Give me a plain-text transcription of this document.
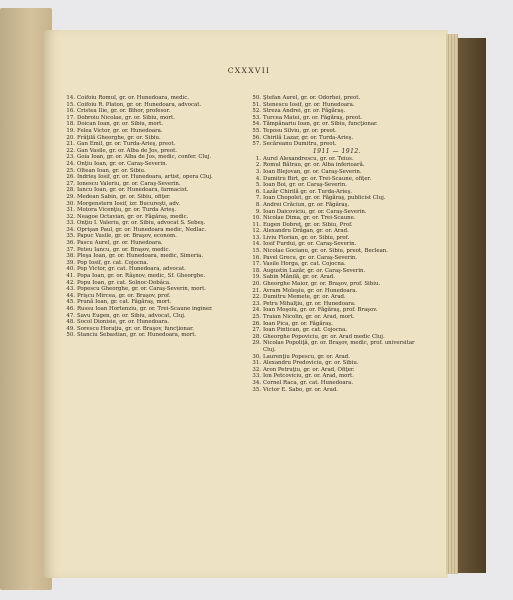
CXXXVII
14. Coifoiu Romul, gr. or. Hunedoara, medic.
15. Coifoiu R. Platon, gr. or. Hunedoara, advocat.
16. Cristea Ilie, gr. or. Bihor, profesor.
17. Dobroiu Nicolae, gr. or. Sibiu, mort.
18. Doican Ioan, gr. or. Sibiu, mort.
19. Felea Victor, gr. or. Hunedoara.
20. Frăţilă Gheorghe, gr. or. Sibiu.
21. Gan Emil, gr. or. Turda-Arieş, preot.
22. Gan Vasile, gr. or. Alba de Jos, preot.
23. Goia Ioan, gr. or. Alba de Jos, medic, confer. Cluj.
24. Onţiu Ioan, gr. or. Caraş-Severin.
25. Oltean Ioan, gr. or. Sibiu.
26. Indrieş Iosif, gr. or. Hunedoara, artist, opera Cluj.
27. Ionescu Valeriu, gr. or. Caraş-Severin.
28. Iancu Ioan, gr. or. Hunedoara, farmacist.
29. Medean Sabin, gr. or. Sibiu, ofiţer.
30. Morgenstern Iosif, izr. Bucureşti, adv.
31. Motora Vicenţiu, gr. or. Turda Arieş.
32. Neagoe Octavian, gr. or. Făgăraş, medic.
33. Onţiu I. Valeriu, gr. or. Sibiu, advocat S. Sebeş.
34. Oprişan Paul, gr. or. Hunedoara medic, Nedlac.
35. Papuc Vasile, gr. or. Braşov, econom.
36. Pascu Aurel, gr. or. Hunedoara.
37. Peteu Iancu, gr. or. Braşov, medic.
38. Pleşa Ioan, gr. or. Hunedoara, medic, Simeria.
39. Pop Iosif, gr. cat. Cojocna.
40. Pop Victor, gr. cat. Hunedoara, advocat.
41. Popa Ioan, gr. or. Râşnov, medic, Sf. Gheorghe.
42. Popu Ioan, gr. cat. Solnoc-Dobâca.
43. Popescu Gheorghe, gr. or. Caraş-Severin, mort.
44. Prişcu Mircea, gr. or. Braşov, prof.
45. Prună Ioan, gr. cat. Făgăraş, mort.
46. Russu Ioan Hortenziu, gr. or. Trei-Scaune inginer.
47. Savu Eugen, gr. or. Sibiu, advocat, Cluj.
48. Socol Dionisie, gr. or. Hunedoara.
49. Sorescu Horaţiu, gr. or. Braşov, funcţionar.
50. Stanciu Sebastian, gr. or. Hunedoara, mort.
50. Ştefan Aurel, gr. or. Odorhei, preot.
51. Stenescu Iosif, gr. or. Hunedoara.
52. Streza Andrei, gr. or. Făgăraş.
53. Turcea Matei, gr. or. Făgăraş, preot.
54. Tămpănariu Ioan, gr. or. Sibiu, funcţionar.
55. Teposu Silviu, gr. or. preot.
56. Chirilă Lazar, gr. or. Turda-Arieş.
57. Secăreanu Dumitru, preot.
1911 — 1912.
1. Aurel Alexandrescu, gr. or. Teius.
2. Romul Bătrau, gr. or. Alba inferioară.
3. Ioan Blejovan, gr. or. Caraş-Severin.
4. Dumitru Birt, gr. or. Trei-Scaune, ofiţer.
5. Ioan Boi, gr. or. Caraş-Severin.
6. Lazăr Chirilă gr. or. Turda-Arieş.
7. Ioan Chopolet, gr. or. Făgăraş, publicist Cluj.
8. Andrei Crăciun, gr. or. Făgăraş.
9. Ioan Daicoviciu, gr. or. Caraş-Severin.
10. Nicolae Dima, gr. or. Trei-Scaune.
11. Eugen Dobreţ, gr. or. Sibiu, Prof.
12. Alexandru Drăgan, gr. or. Arad.
13. Liviu Florian, gr. or. Sibiu, prof.
14. Iosif Furdui, gr. or. Caraş-Severin.
15. Nicolae Gocianu, gr. or. Sibiu, preot, Beclean.
16. Pavel Grecu, gr. or. Caraş-Severin.
17. Vasile Horga, gr. cat. Cojocna.
18. Augustin Lazăr, gr. or. Caraş-Severin.
19. Sabin Mănilă, gr. or. Arad.
20. Gheorghe Maior, gr. or. Braşov, prof. Sibiu.
21. Avram Moleşiu, gr. or. Hunedoara.
22. Dumitru Memete, gr. or. Arad.
23. Petru Mihalţiu, gr. or. Hunedoara.
24. Ioan Moşoiu, gr. or. Făgăraş, prof. Braşov.
25. Traian Nicolin, gr. or. Arad, mort.
26. Ioan Pica, gr. or. Făgăraş.
27. Ioan Pintican, gr. cat. Cojocna.
28. Gheorghe Popoviciu, gr. or. Arad medic Cluj.
29. Nicolae Popoliţă, gr. or. Braşov, medic, prof. universitar Cluj.
30. Laurenţiu Popescu, gr. or. Arad.
31. Alexandru Predoviciu, gr. or. Sibiu.
32. Aron Petruţiu, gr. or. Arad, Ofiţer.
33. Ion Petcoviciu, gr. or. Arad, mort.
34. Cornel Raca, gr. cat. Hunedoara.
35. Victor E. Sabo, gr. or. Arad.
